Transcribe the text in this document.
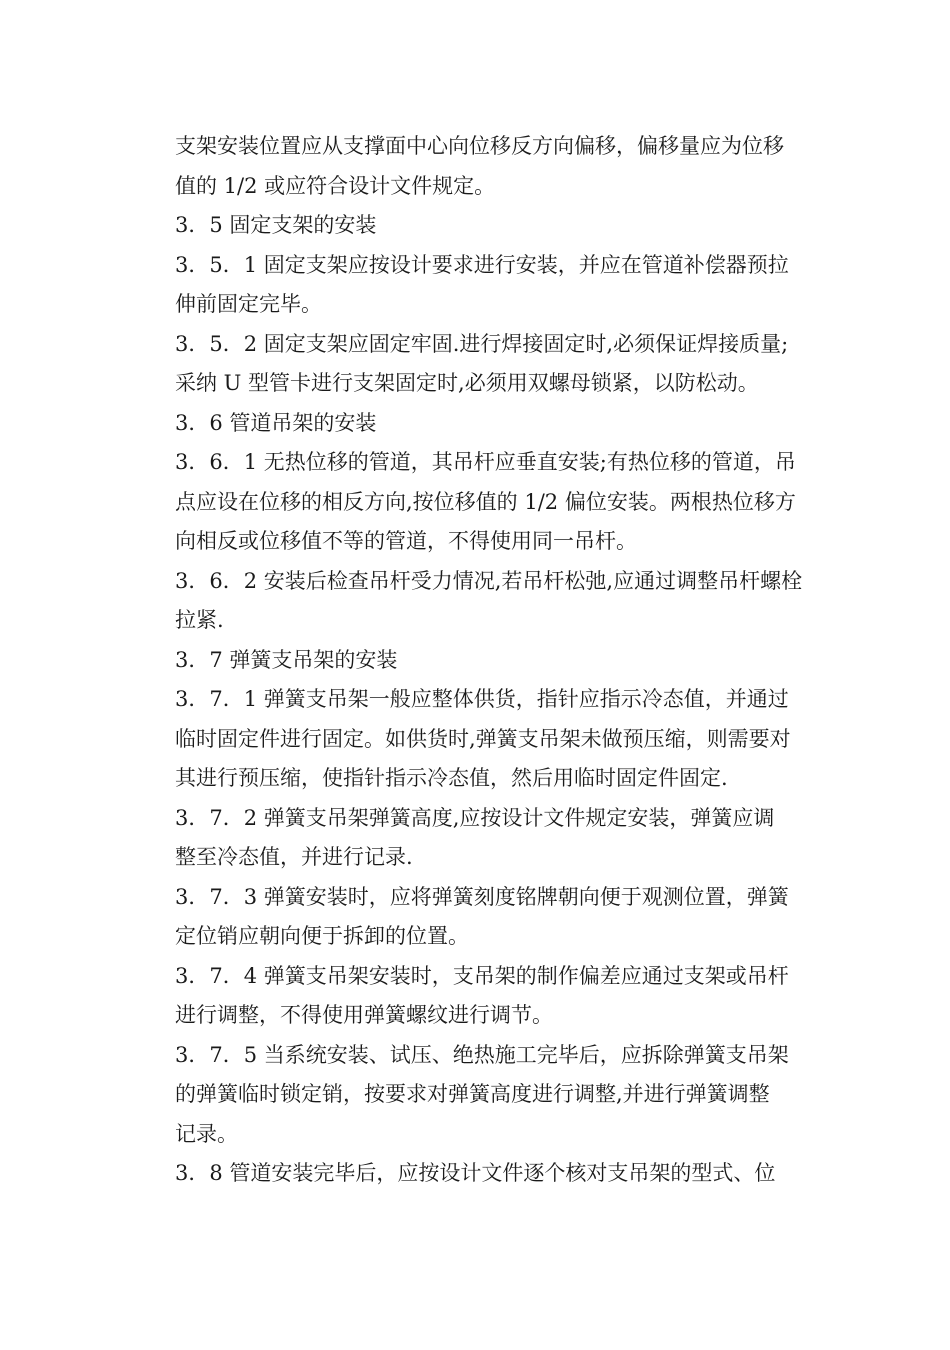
支架安装位置应从支撑面中心向位移反方向偏移，偏移量应为位移
值的 1/2 或应符合设计文件规定。
3．5 固定支架的安装
3．5．1 固定支架应按设计要求进行安装，并应在管道补偿器预拉
伸前固定完毕。
3．5．2 固定支架应固定牢固.进行焊接固定时,必须保证焊接质量;
采纳 U 型管卡进行支架固定时,必须用双螺母锁紧，以防松动。
3．6 管道吊架的安装
3．6．1 无热位移的管道，其吊杆应垂直安装;有热位移的管道，吊
点应设在位移的相反方向,按位移值的 1/2 偏位安装。两根热位移方
向相反或位移值不等的管道，不得使用同一吊杆。
3．6．2 安装后检查吊杆受力情况,若吊杆松弛,应通过调整吊杆螺栓
拉紧.
3．7 弹簧支吊架的安装
3．7．1 弹簧支吊架一般应整体供货，指针应指示冷态值，并通过
临时固定件进行固定。如供货时,弹簧支吊架未做预压缩，则需要对
其进行预压缩，使指针指示冷态值，然后用临时固定件固定.
3．7．2 弹簧支吊架弹簧高度,应按设计文件规定安装，弹簧应调
整至冷态值，并进行记录.
3．7．3 弹簧安装时，应将弹簧刻度铭牌朝向便于观测位置，弹簧
定位销应朝向便于拆卸的位置。
3．7．4 弹簧支吊架安装时，支吊架的制作偏差应通过支架或吊杆
进行调整，不得使用弹簧螺纹进行调节。
3．7．5 当系统安装、试压、绝热施工完毕后，应拆除弹簧支吊架
的弹簧临时锁定销，按要求对弹簧高度进行调整,并进行弹簧调整
记录。
3．8 管道安装完毕后，应按设计文件逐个核对支吊架的型式、位
